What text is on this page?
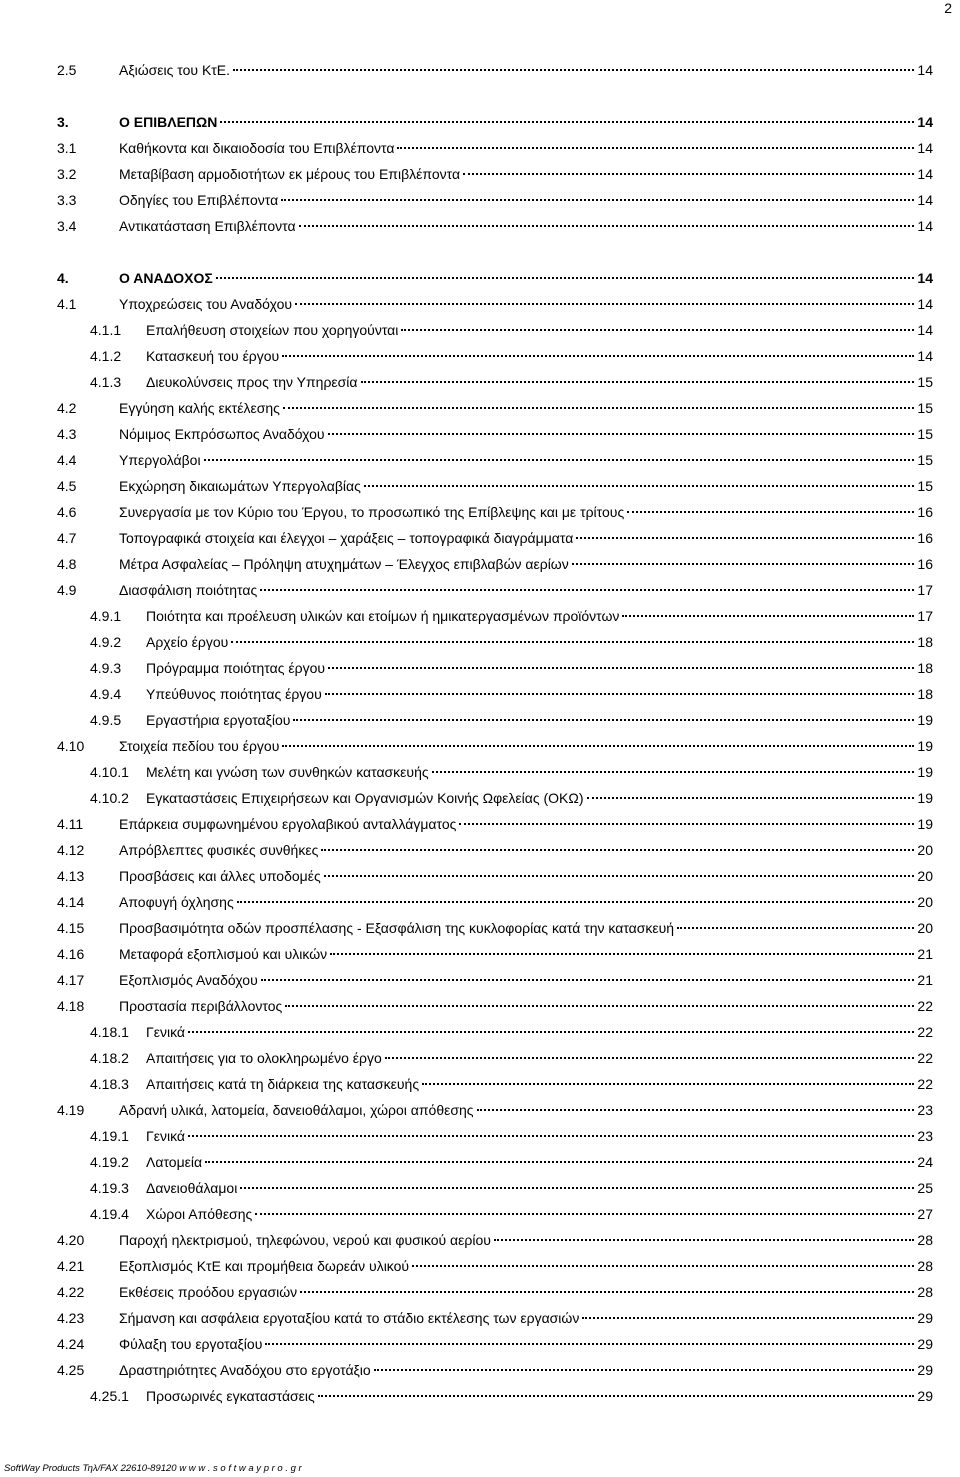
2
2.5	Αξιώσεις του ΚτΕ.	14
3.	Ο ΕΠΙΒΛΕΠΩΝ	14
3.1	Καθήκοντα και δικαιοδοσία του Επιβλέποντα	14
3.2	Μεταβίβαση αρμοδιοτήτων εκ μέρους του Επιβλέποντα	14
3.3	Οδηγίες του Επιβλέποντα	14
3.4	Αντικατάσταση Επιβλέποντα	14
4.	Ο ΑΝΑΔΟΧΟΣ	14
4.1	Υποχρεώσεις του Αναδόχου	14
4.1.1	Επαλήθευση στοιχείων που χορηγούνται	14
4.1.2	Κατασκευή του έργου	14
4.1.3	Διευκολύνσεις προς την Υπηρεσία	15
4.2	Εγγύηση καλής εκτέλεσης	15
4.3	Νόμιμος Εκπρόσωπος Αναδόχου	15
4.4	Υπεργολάβοι	15
4.5	Εκχώρηση δικαιωμάτων Υπεργολαβίας	15
4.6	Συνεργασία με τον Κύριο του Έργου, το προσωπικό της Επίβλεψης και με τρίτους	16
4.7	Τοπογραφικά στοιχεία και έλεγχοι – χαράξεις – τοπογραφικά διαγράμματα	16
4.8	Μέτρα Ασφαλείας – Πρόληψη ατυχημάτων – Έλεγχος επιβλαβών αερίων	16
4.9	Διασφάλιση ποιότητας	17
4.9.1	Ποιότητα και προέλευση υλικών και ετοίμων ή ημικατεργασμένων προϊόντων	17
4.9.2	Αρχείο έργου	18
4.9.3	Πρόγραμμα ποιότητας έργου	18
4.9.4	Υπεύθυνος ποιότητας έργου	18
4.9.5	Εργαστήρια εργοταξίου	19
4.10	Στοιχεία πεδίου του έργου	19
4.10.1	Μελέτη και γνώση των συνθηκών κατασκευής	19
4.10.2	Εγκαταστάσεις Επιχειρήσεων και Οργανισμών Κοινής Ωφελείας (ΟΚΩ)	19
4.11	Επάρκεια συμφωνημένου εργολαβικού ανταλλάγματος	19
4.12	Απρόβλεπτες φυσικές συνθήκες	20
4.13	Προσβάσεις και άλλες υποδομές	20
4.14	Αποφυγή όχλησης	20
4.15	Προσβασιμότητα οδών προσπέλασης - Εξασφάλιση της κυκλοφορίας κατά την κατασκευή	20
4.16	Μεταφορά εξοπλισμού και υλικών	21
4.17	Εξοπλισμός Αναδόχου	21
4.18	Προστασία περιβάλλοντος	22
4.18.1	Γενικά	22
4.18.2	Απαιτήσεις για το ολοκληρωμένο έργο	22
4.18.3	Απαιτήσεις κατά τη διάρκεια της κατασκευής	22
4.19	Αδρανή υλικά, λατομεία, δανειοθάλαμοι, χώροι απόθεσης	23
4.19.1	Γενικά	23
4.19.2	Λατομεία	24
4.19.3	Δανειοθάλαμοι	25
4.19.4	Χώροι Απόθεσης	27
4.20	Παροχή ηλεκτρισμού, τηλεφώνου, νερού και φυσικού αερίου	28
4.21	Εξοπλισμός ΚτΕ και προμήθεια δωρεάν υλικού	28
4.22	Εκθέσεις προόδου εργασιών	28
4.23	Σήμανση και ασφάλεια εργοταξίου κατά το στάδιο εκτέλεσης των εργασιών	29
4.24	Φύλαξη του εργοταξίου	29
4.25	Δραστηριότητες Αναδόχου στο εργοτάξιο	29
4.25.1	Προσωρινές εγκαταστάσεις	29
SoftWay Products Τηλ/FAX 22610-89120 w w w . s o f t w a y p r o . g r
